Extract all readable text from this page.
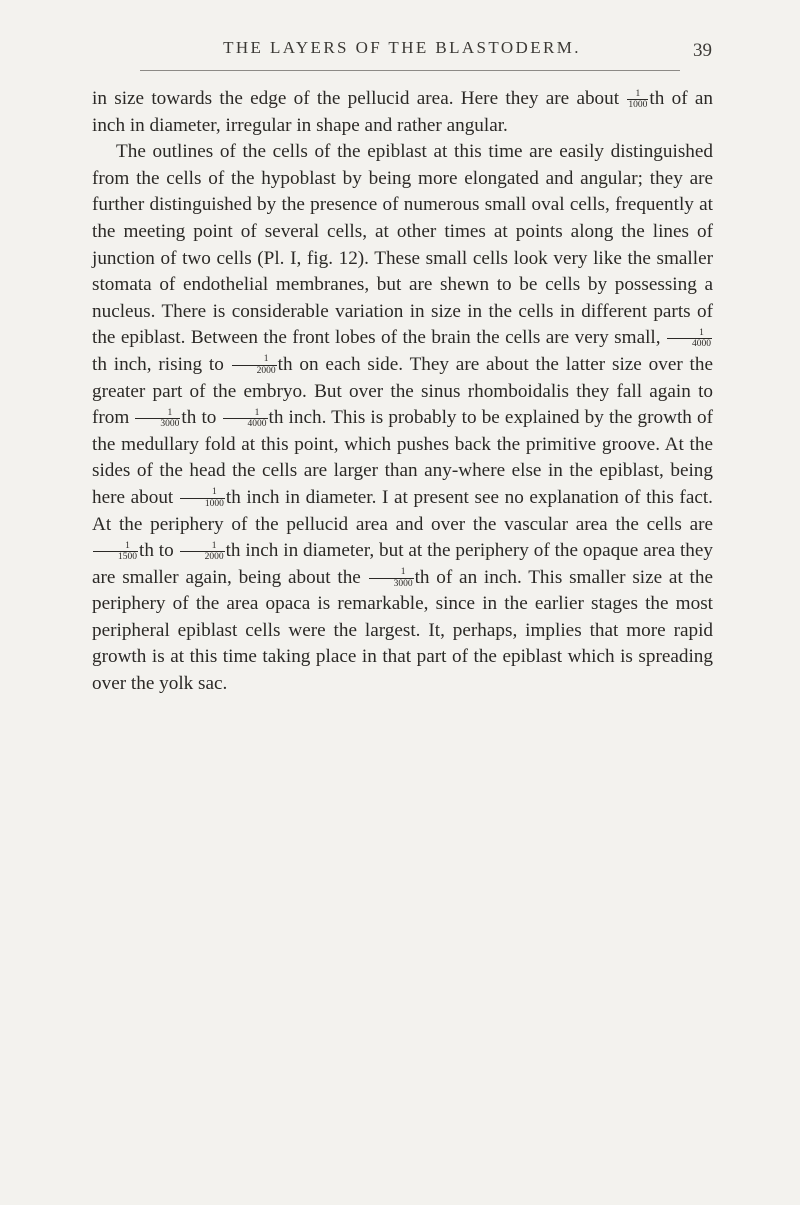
THE LAYERS OF THE BLASTODERM.	39

in size towards the edge of the pellucid area. Here they are about $\frac{1}{1000}$ th of an inch in diameter, irregular in shape and rather angular.

The outlines of the cells of the epiblast at this time are easily distinguished from the cells of the hypoblast by being more elongated and angular; they are further distinguished by the presence of numerous small oval cells, frequently at the meeting point of several cells, at other times at points along the lines of junction of two cells (Pl. I, fig. 12). These small cells look very like the smaller stomata of endothelial membranes, but are shewn to be cells by possessing a nucleus. There is considerable variation in size in the cells in different parts of the epiblast. Between the front lobes of the brain the cells are very small, $\frac{1}{4000}$
th inch, rising to $\frac{1}{2000}$ th on each side. They are about the latter size over the greater part of the embryo. But over the sinus rhomboidalis they fall again to from $\frac{1}{3000}$ th to $\frac{1}{4000}$ th inch. This is probably to be explained by the growth of the medullary fold at this point, which pushes back the primitive groove. At the sides of the head the cells are larger than any-where else in the epiblast, being here about $\frac{1}{1000}$ th inch in diameter. I at present see no explanation of this fact. At the periphery of the pellucid area and over the vascular area the cells are
$\frac{1}{1500}$ th to $\frac{1}{2000}$ th inch in diameter, but at the periphery of the opaque area they are smaller again, being about the $\frac{1}{3000}$ th of an inch. This smaller size at the periphery of the area opaca is remarkable, since in the earlier stages the most peripheral epiblast cells were the largest. It, perhaps, implies that more rapid growth is at this time taking place in that part of the epiblast which is spreading over the yolk sac.
